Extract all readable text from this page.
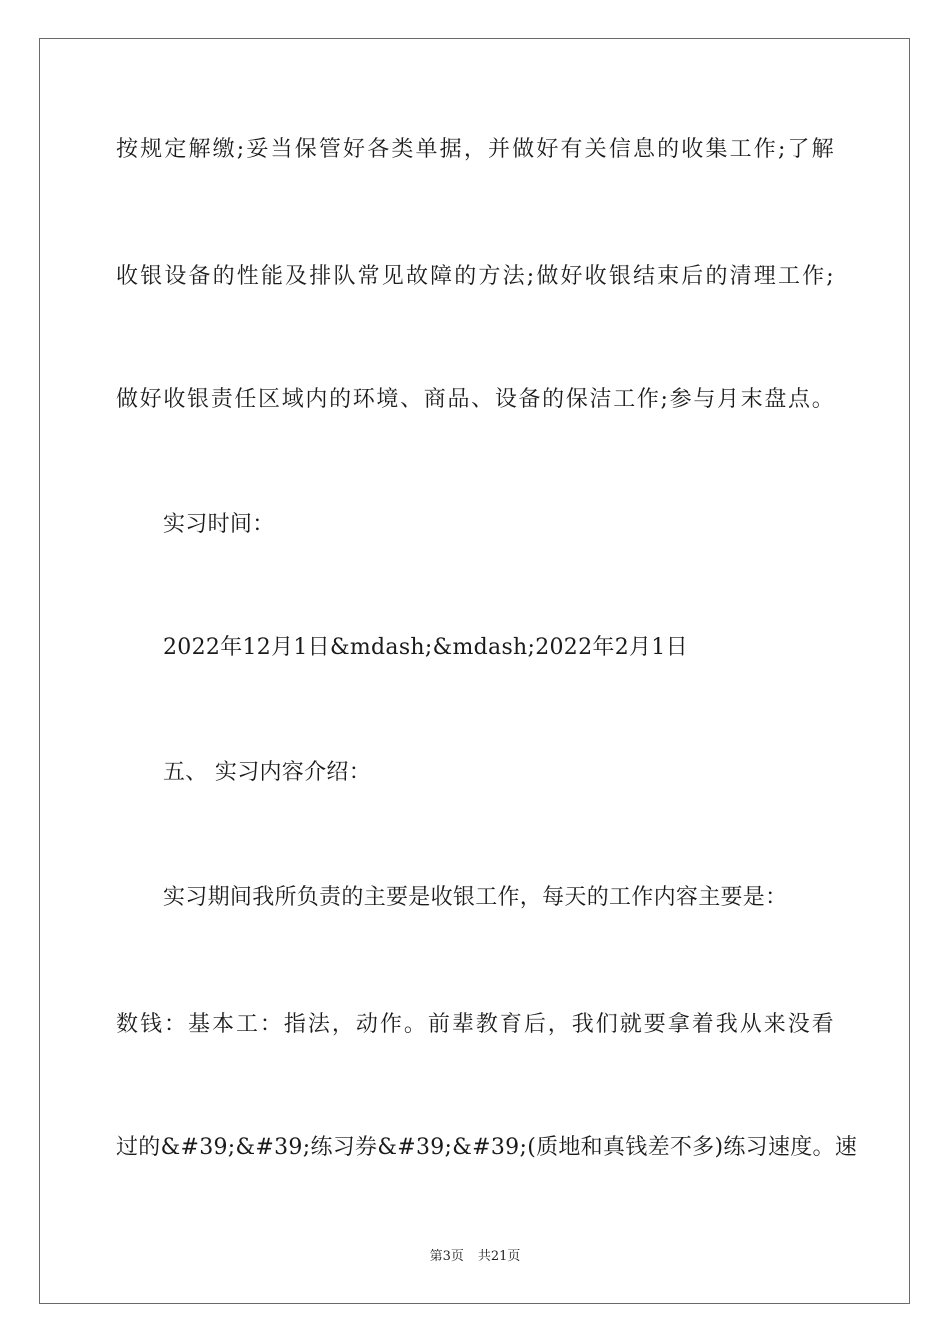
按规定解缴;妥当保管好各类单据，并做好有关信息的收集工作;了解
收银设备的性能及排队常见故障的方法;做好收银结束后的清理工作;
做好收银责任区域内的环境、商品、设备的保洁工作;参与月末盘点。
实习时间：
2022年12月1日&mdash;&mdash;2022年2月1日
五、 实习内容介绍：
实习期间我所负责的主要是收银工作，每天的工作内容主要是：
数钱：基本工：指法，动作。前辈教育后，我们就要拿着我从来没看
过的&#39;&#39;练习券&#39;&#39;(质地和真钱差不多)练习速度。速
第3页 共21页
